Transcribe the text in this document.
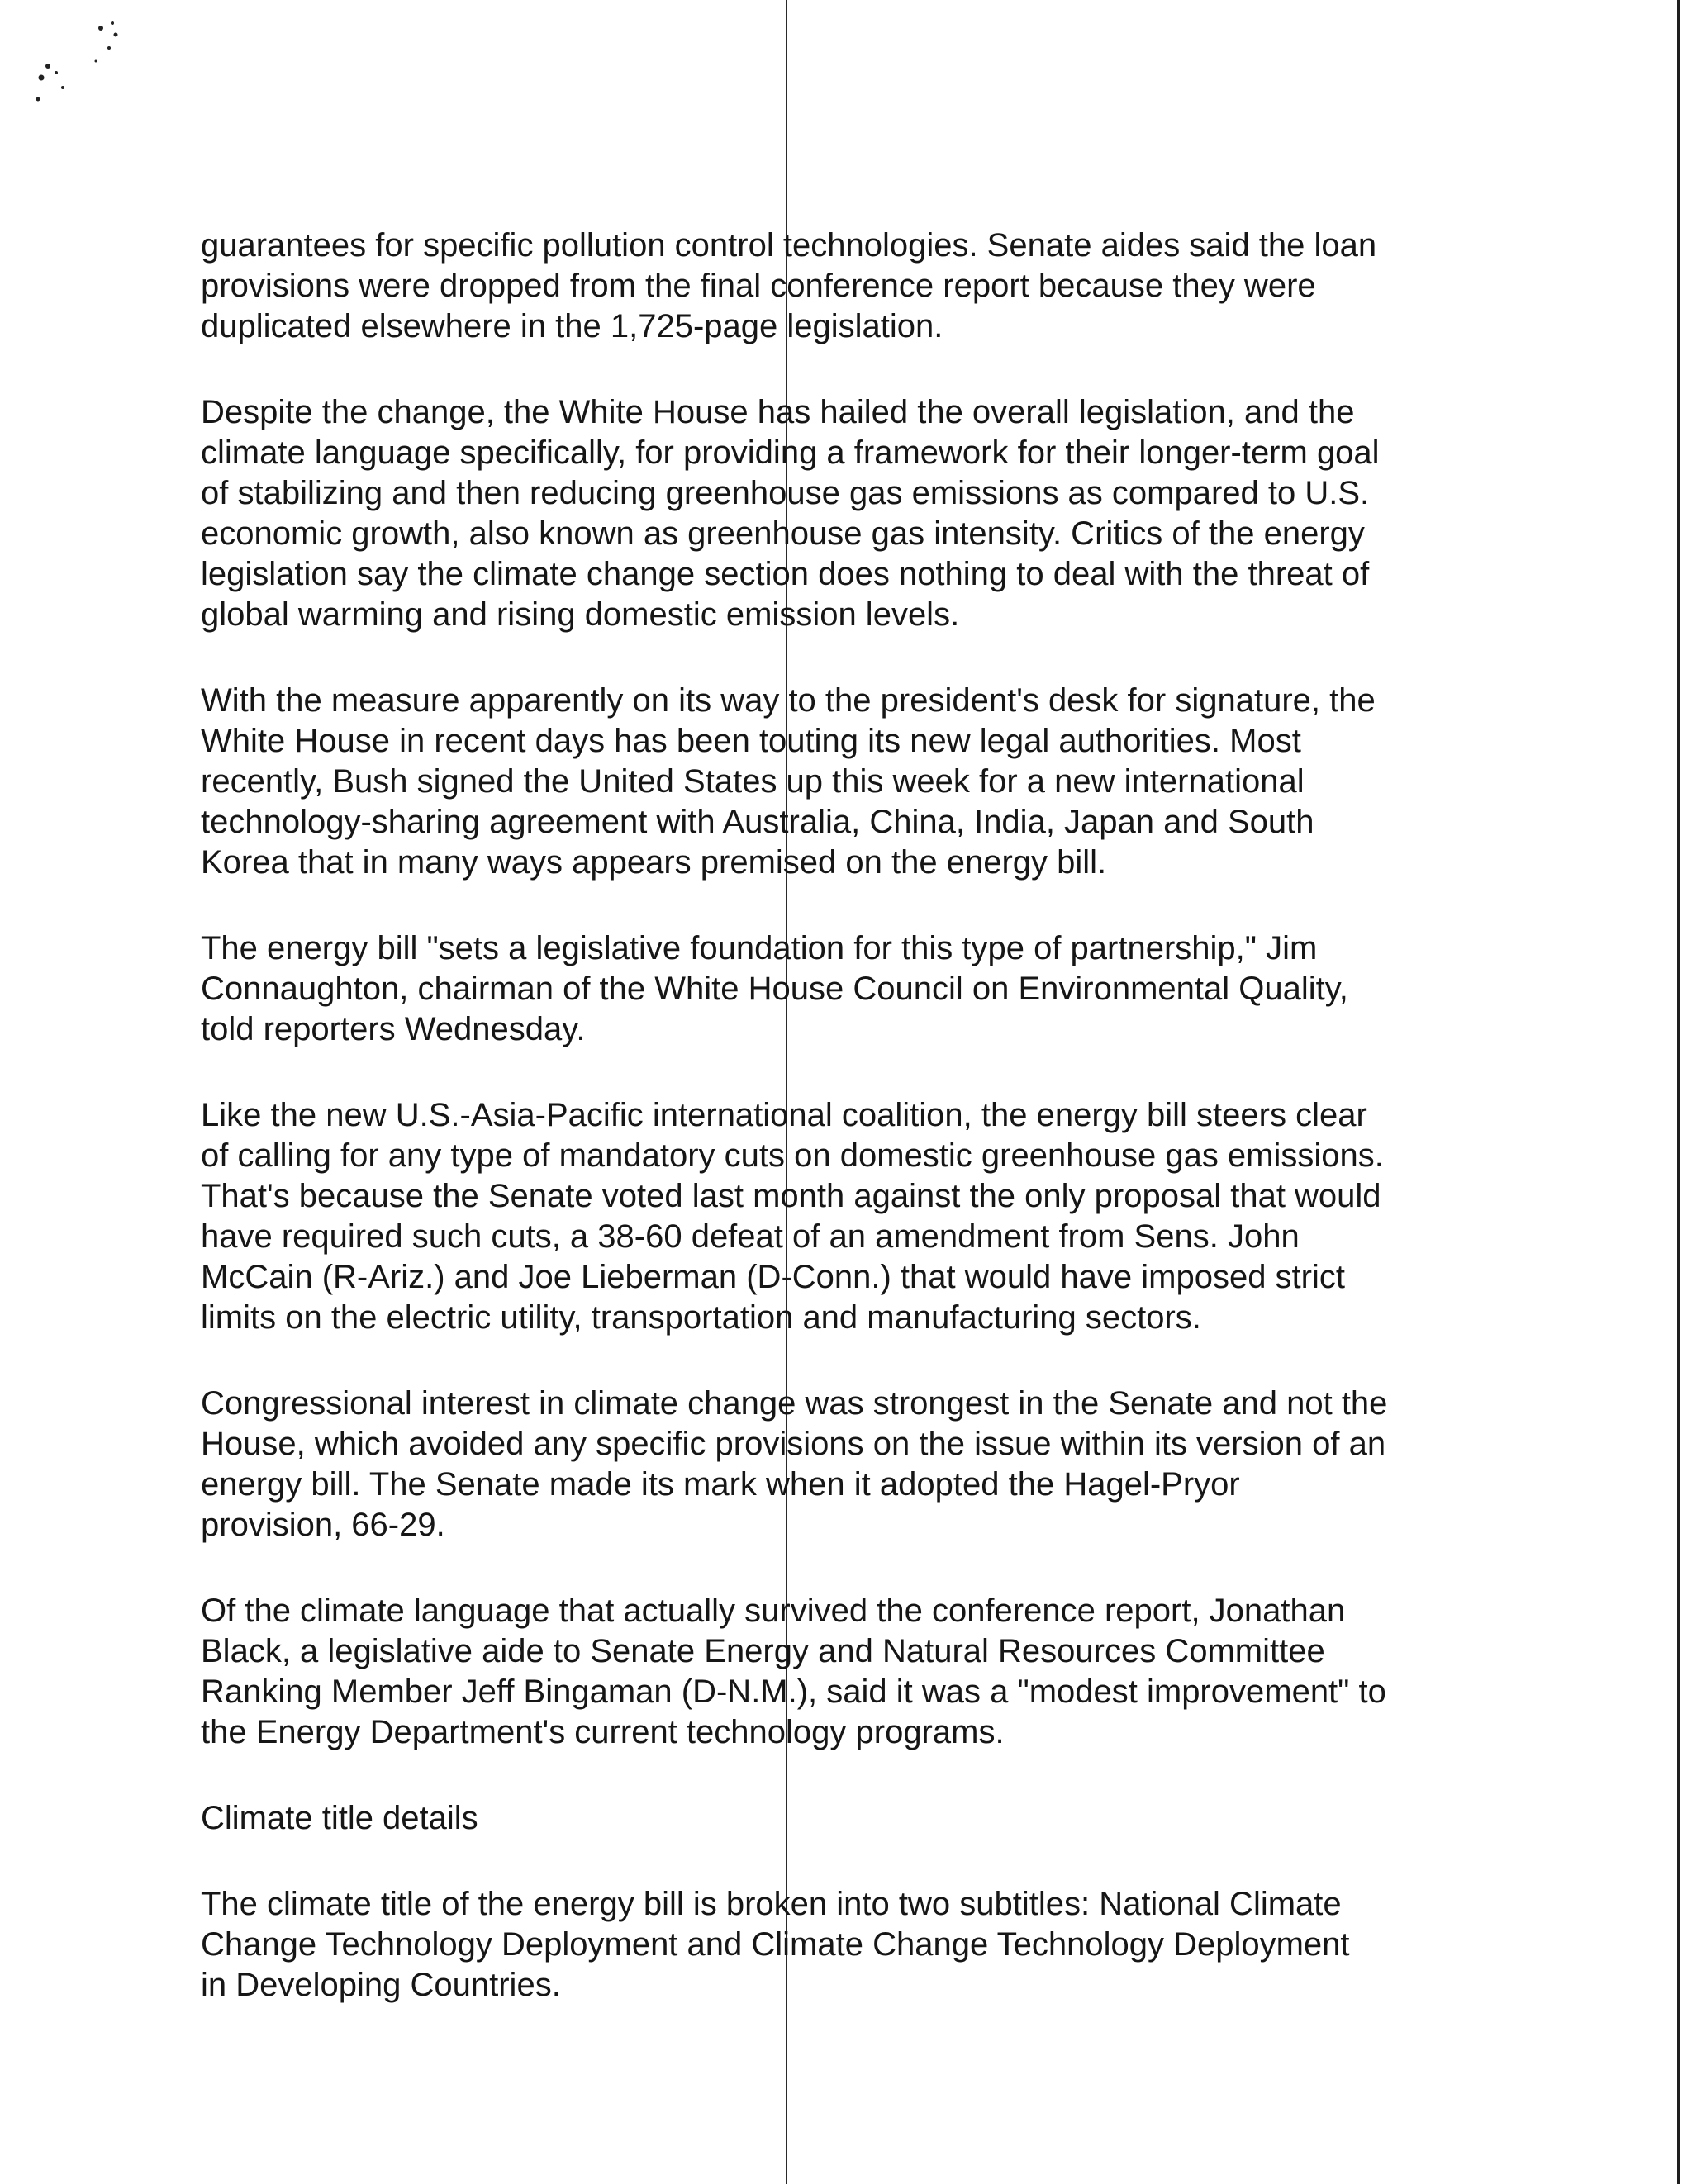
guarantees for specific pollution control technologies. Senate aides said the loan
provisions were dropped from the final conference report because they were
duplicated elsewhere in the 1,725-page legislation.

Despite the change, the White House has hailed the overall legislation, and the
climate language specifically, for providing a framework for their longer-term goal
of stabilizing and then reducing greenhouse gas emissions as compared to U.S.
economic growth, also known as greenhouse gas intensity. Critics of the energy
legislation say the climate change section does nothing to deal with the threat of
global warming and rising domestic emission levels.

With the measure apparently on its way to the president's desk for signature, the
White House in recent days has been touting its new legal authorities. Most
recently, Bush signed the United States up this week for a new international
technology-sharing agreement with Australia, China, India, Japan and South
Korea that in many ways appears premised on the energy bill.

The energy bill "sets a legislative foundation for this type of partnership," Jim
Connaughton, chairman of the White House Council on Environmental Quality,
told reporters Wednesday.

Like the new U.S.-Asia-Pacific international coalition, the energy bill steers clear
of calling for any type of mandatory cuts on domestic greenhouse gas emissions.
That's because the Senate voted last month against the only proposal that would
have required such cuts, a 38-60 defeat of an amendment from Sens. John
McCain (R-Ariz.) and Joe Lieberman (D-Conn.) that would have imposed strict
limits on the electric utility, transportation and manufacturing sectors.

Congressional interest in climate change was strongest in the Senate and not the
House, which avoided any specific provisions on the issue within its version of an
energy bill. The Senate made its mark when it adopted the Hagel-Pryor
provision, 66-29.

Of the climate language that actually survived the conference report, Jonathan
Black, a legislative aide to Senate Energy and Natural Resources Committee
Ranking Member Jeff Bingaman (D-N.M.), said it was a "modest improvement" to
the Energy Department's current technology programs.

Climate title details

The climate title of the energy bill is broken into two subtitles: National Climate
Change Technology Deployment and Climate Change Technology Deployment
in Developing Countries.
